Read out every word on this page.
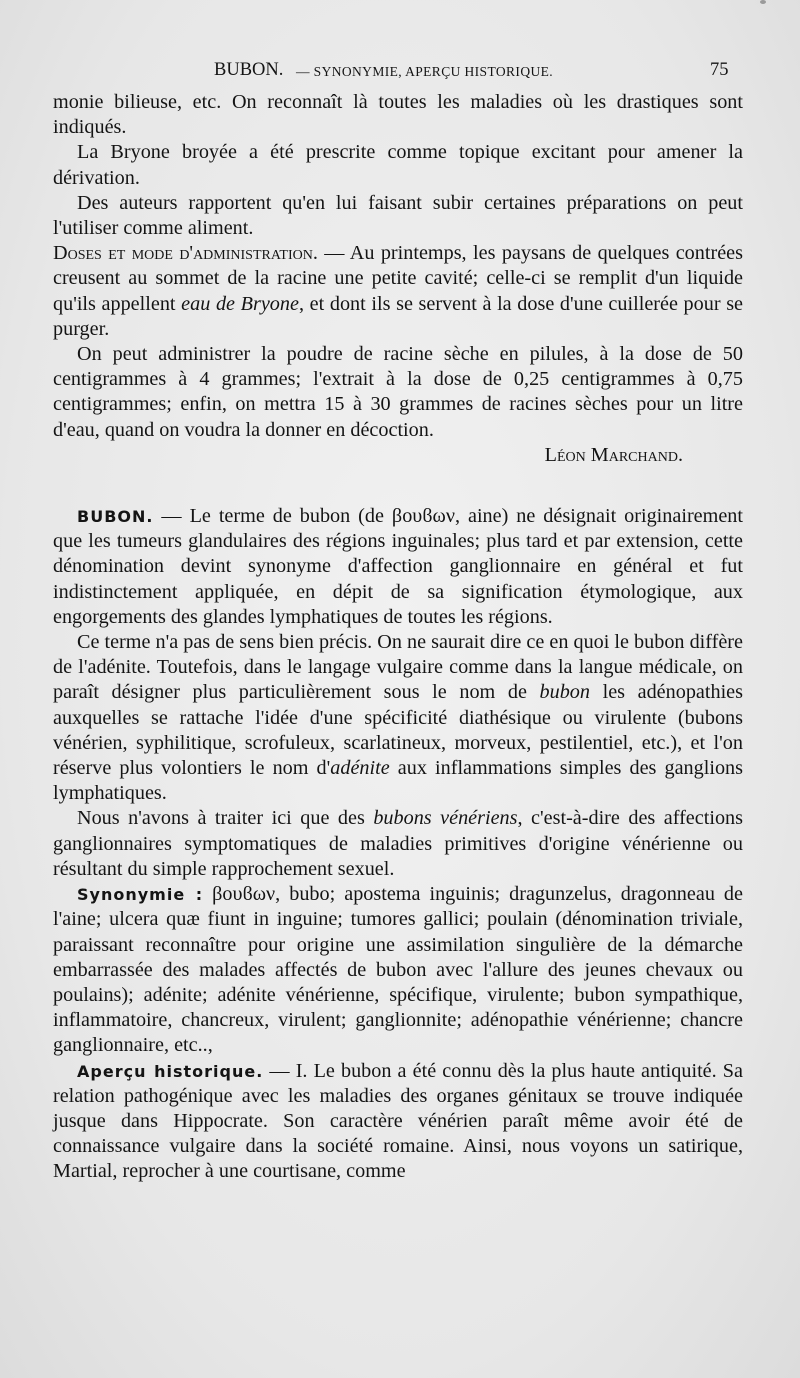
BUBON. — SYNONYMIE, APERÇU HISTORIQUE.	75

monie bilieuse, etc. On reconnaît là toutes les maladies où les drastiques sont indiqués.

La Bryone broyée a été prescrite comme topique excitant pour amener la dérivation.

Des auteurs rapportent qu'en lui faisant subir certaines préparations on peut l'utiliser comme aliment.

Doses et mode d'administration. — Au printemps, les paysans de quelques contrées creusent au sommet de la racine une petite cavité; celle-ci se remplit d'un liquide qu'ils appellent eau de Bryone, et dont ils se servent à la dose d'une cuillerée pour se purger.

On peut administrer la poudre de racine sèche en pilules, à la dose de 50 centigrammes à 4 grammes; l'extrait à la dose de 0,25 centigrammes à 0,75 centigrammes; enfin, on mettra 15 à 30 grammes de racines sèches pour un litre d'eau, quand on voudra la donner en décoction.

Léon Marchand.

BUBON. — Le terme de bubon (de βουϐων, aine) ne désignait originairement que les tumeurs glandulaires des régions inguinales; plus tard et par extension, cette dénomination devint synonyme d'affection ganglionnaire en général et fut indistinctement appliquée, en dépit de sa signification étymologique, aux engorgements des glandes lymphatiques de toutes les régions.

Ce terme n'a pas de sens bien précis. On ne saurait dire ce en quoi le bubon diffère de l'adénite. Toutefois, dans le langage vulgaire comme dans la langue médicale, on paraît désigner plus particulièrement sous le nom de bubon les adénopathies auxquelles se rattache l'idée d'une spécificité diathésique ou virulente (bubons vénérien, syphilitique, scrofuleux, scarlatineux, morveux, pestilentiel, etc.), et l'on réserve plus volontiers le nom d'adénite aux inflammations simples des ganglions lymphatiques.

Nous n'avons à traiter ici que des bubons vénériens, c'est-à-dire des affections ganglionnaires symptomatiques de maladies primitives d'origine vénérienne ou résultant du simple rapprochement sexuel.

Synonymie : βουϐων, bubo; apostema inguinis; dragunzelus, dragonneau de l'aine; ulcera quæ fiunt in inguine; tumores gallici; poulain (dénomination triviale, paraissant reconnaître pour origine une assimilation singulière de la démarche embarrassée des malades affectés de bubon avec l'allure des jeunes chevaux ou poulains); adénite; adénite vénérienne, spécifique, virulente; bubon sympathique, inflammatoire, chancreux, virulent; ganglionnite; adénopathie vénérienne; chancre ganglionnaire, etc..,

Aperçu historique. — I. Le bubon a été connu dès la plus haute antiquité. Sa relation pathogénique avec les maladies des organes génitaux se trouve indiquée jusque dans Hippocrate. Son caractère vénérien paraît même avoir été de connaissance vulgaire dans la société romaine. Ainsi, nous voyons un satirique, Martial, reprocher à une courtisane, comme
